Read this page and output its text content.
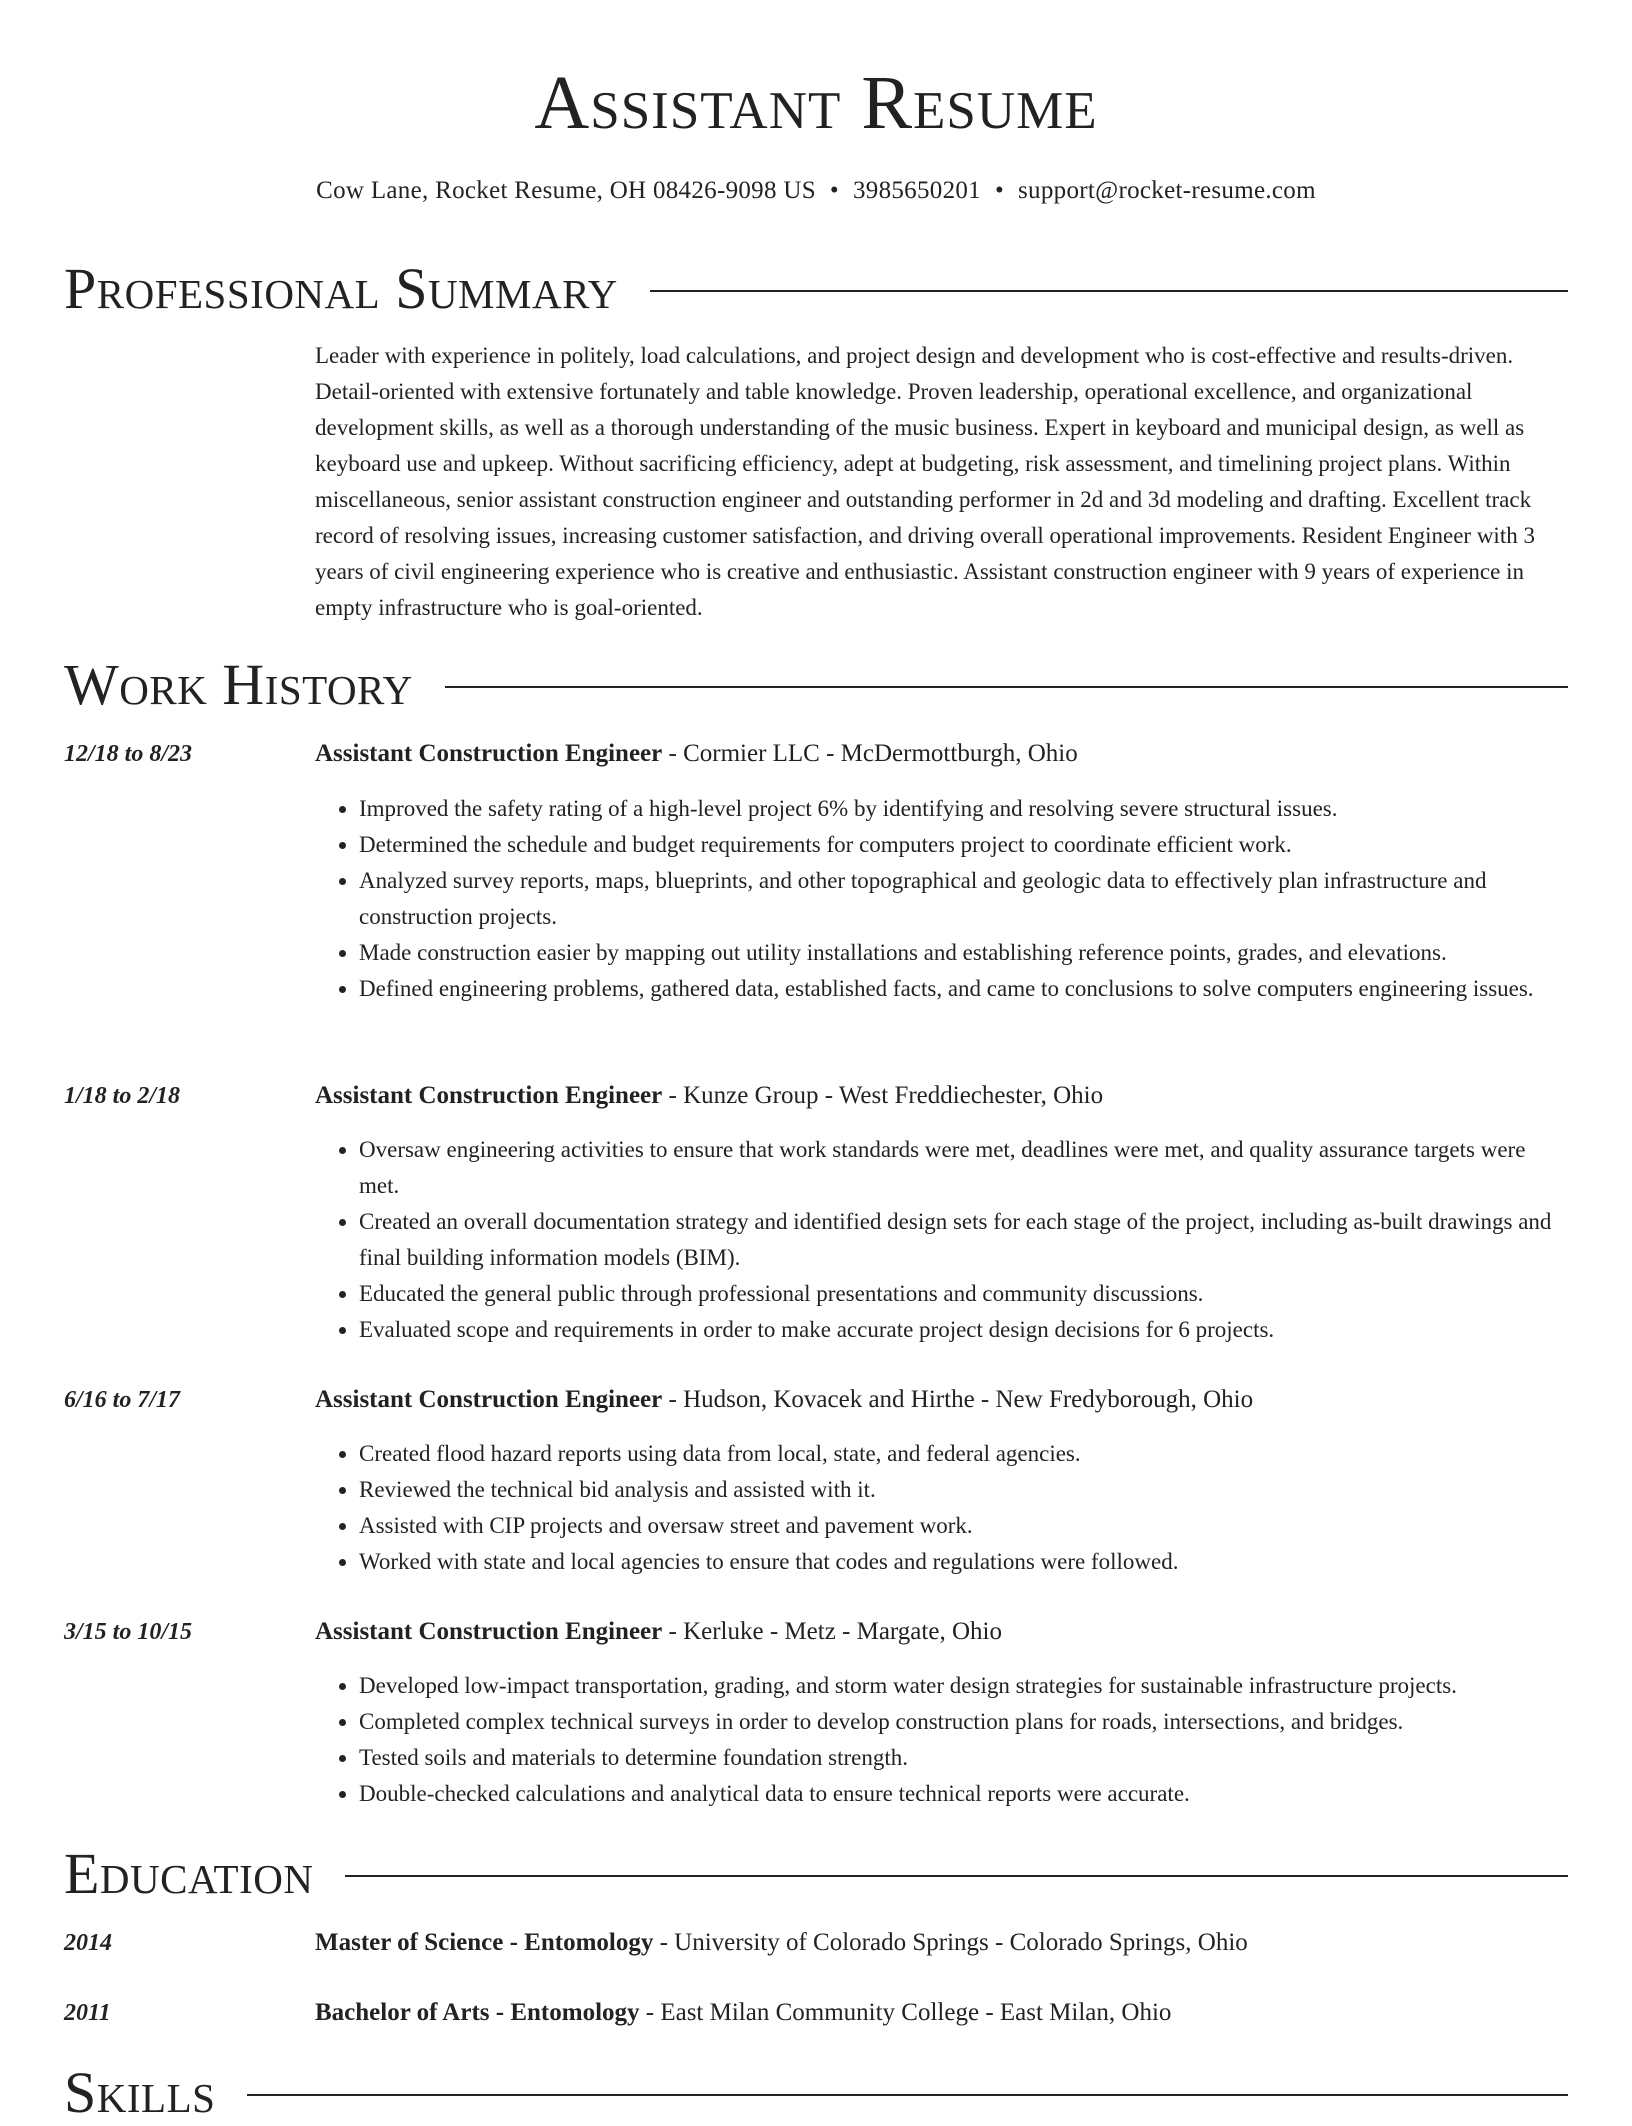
Assistant Resume
Cow Lane, Rocket Resume, OH 08426-9098 US • 3985650201 • support@rocket-resume.com
Professional Summary

Leader with experience in politely, load calculations, and project design and development who is cost-effective and results-driven. Detail-oriented with extensive fortunately and table knowledge. Proven leadership, operational excellence, and organizational development skills, as well as a thorough understanding of the music business. Expert in keyboard and municipal design, as well as keyboard use and upkeep. Without sacrificing efficiency, adept at budgeting, risk assessment, and timelining project plans. Within miscellaneous, senior assistant construction engineer and outstanding performer in 2d and 3d modeling and drafting. Excellent track record of resolving issues, increasing customer satisfaction, and driving overall operational improvements. Resident Engineer with 3 years of civil engineering experience who is creative and enthusiastic. Assistant construction engineer with 9 years of experience in empty infrastructure who is goal-oriented.

Work History
12/18 to 8/23	Assistant Construction Engineer - Cormier LLC - McDermottburgh, Ohio
• Improved the safety rating of a high-level project 6% by identifying and resolving severe structural issues.
• Determined the schedule and budget requirements for computers project to coordinate efficient work.
• Analyzed survey reports, maps, blueprints, and other topographical and geologic data to effectively plan infrastructure and construction projects.
• Made construction easier by mapping out utility installations and establishing reference points, grades, and elevations.
• Defined engineering problems, gathered data, established facts, and came to conclusions to solve computers engineering issues.
1/18 to 2/18	Assistant Construction Engineer - Kunze Group - West Freddiechester, Ohio
• Oversaw engineering activities to ensure that work standards were met, deadlines were met, and quality assurance targets were met.
• Created an overall documentation strategy and identified design sets for each stage of the project, including as-built drawings and final building information models (BIM).
• Educated the general public through professional presentations and community discussions.
• Evaluated scope and requirements in order to make accurate project design decisions for 6 projects.
6/16 to 7/17	Assistant Construction Engineer - Hudson, Kovacek and Hirthe - New Fredyborough, Ohio
• Created flood hazard reports using data from local, state, and federal agencies.
• Reviewed the technical bid analysis and assisted with it.
• Assisted with CIP projects and oversaw street and pavement work.
• Worked with state and local agencies to ensure that codes and regulations were followed.
3/15 to 10/15	Assistant Construction Engineer - Kerluke - Metz - Margate, Ohio
• Developed low-impact transportation, grading, and storm water design strategies for sustainable infrastructure projects.
• Completed complex technical surveys in order to develop construction plans for roads, intersections, and bridges.
• Tested soils and materials to determine foundation strength.
• Double-checked calculations and analytical data to ensure technical reports were accurate.
Education
2014	Master of Science - Entomology - University of Colorado Springs - Colorado Springs, Ohio
2011	Bachelor of Arts - Entomology - East Milan Community College - East Milan, Ohio
Skills
